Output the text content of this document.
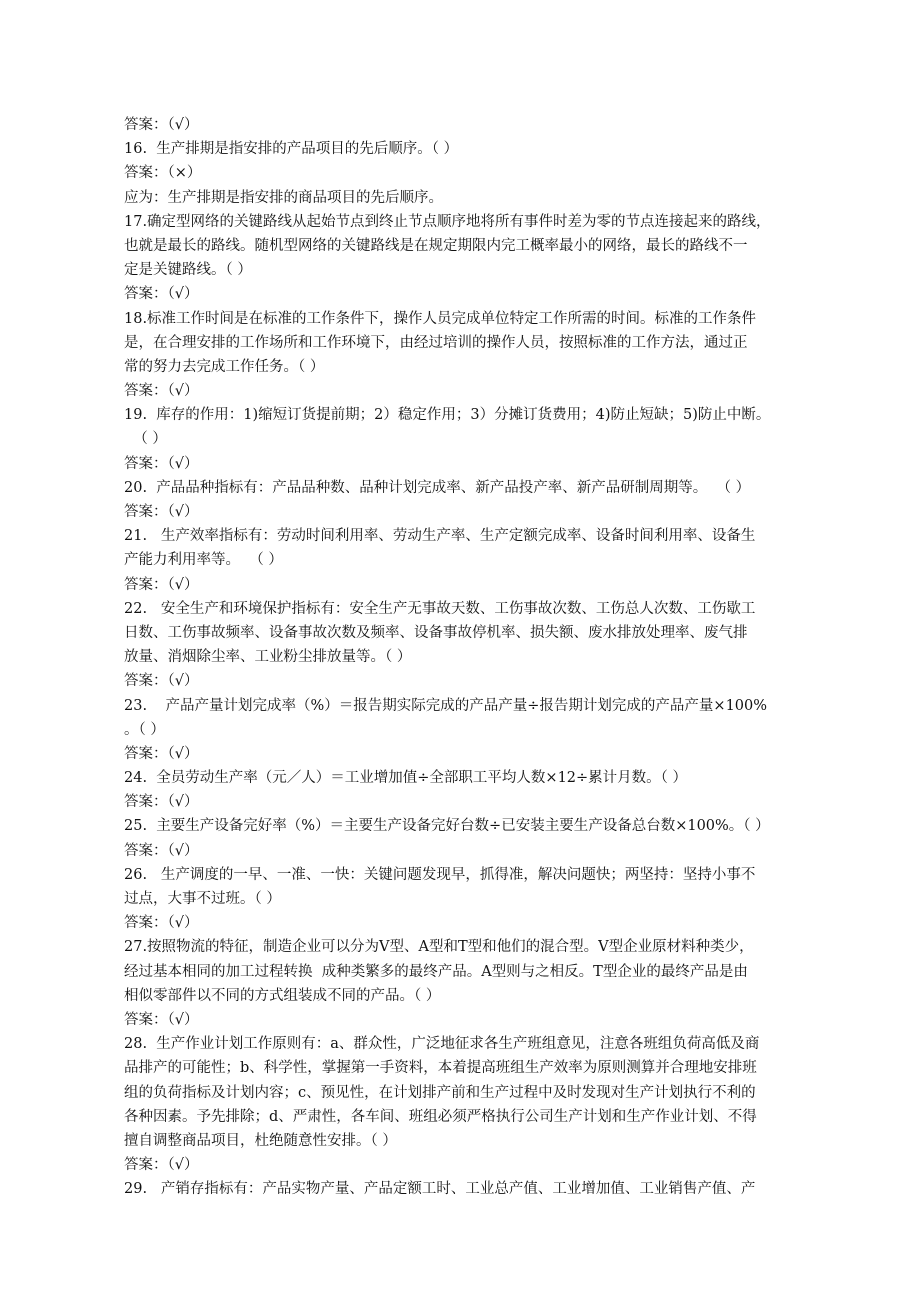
答案：（√）
16.  生产排期是指安排的产品项目的先后顺序。（ ）
答案：（×）
应为：生产排期是指安排的商品项目的先后顺序。
17.确定型网络的关键路线从起始节点到终止节点顺序地将所有事件时差为零的节点连接起来的路线，
也就是最长的路线。随机型网络的关键路线是在规定期限内完工概率最小的网络，最长的路线不一
定是关键路线。（ ）
答案：（√）
18.标准工作时间是在标准的工作条件下，操作人员完成单位特定工作所需的时间。标准的工作条件
是，在合理安排的工作场所和工作环境下，由经过培训的操作人员，按照标准的工作方法，通过正
常的努力去完成工作任务。（ ）
答案：（√）
19.  库存的作用：1)缩短订货提前期；2）稳定作用；3）分摊订货费用；4)防止短缺；5)防止中断。
（ ）
答案：（√）
20.  产品品种指标有：产品品种数、品种计划完成率、新产品投产率、新产品研制周期等。  （ ）
答案：（√）
21.   生产效率指标有：劳动时间利用率、劳动生产率、生产定额完成率、设备时间利用率、设备生
产能力利用率等。  （ ）
答案：（√）
22.   安全生产和环境保护指标有：安全生产无事故天数、工伤事故次数、工伤总人次数、工伤歇工
日数、工伤事故频率、设备事故次数及频率、设备事故停机率、损失额、废水排放处理率、废气排
放量、消烟除尘率、工业粉尘排放量等。（ ）
答案：（√）
23.    产品产量计划完成率（%）＝报告期实际完成的产品产量÷报告期计划完成的产品产量×100%
。（ ）
答案：（√）
24.  全员劳动生产率（元／人）＝工业增加值÷全部职工平均人数×12÷累计月数。（ ）
答案：（√）
25.  主要生产设备完好率（%）＝主要生产设备完好台数÷已安装主要生产设备总台数×100%。（ ）
答案：（√）
26.   生产调度的一早、一准、一快：关键问题发现早，抓得准，解决问题快；两坚持：坚持小事不
过点，大事不过班。（ ）
答案：（√）
27.按照物流的特征，制造企业可以分为V型、A型和T型和他们的混合型。V型企业原材料种类少，
经过基本相同的加工过程转换  成种类繁多的最终产品。A型则与之相反。T型企业的最终产品是由
相似零部件以不同的方式组装成不同的产品。（ ）
答案：（√）
28.  生产作业计划工作原则有：a、群众性，广泛地征求各生产班组意见，注意各班组负荷高低及商
品排产的可能性；b、科学性，掌握第一手资料，本着提高班组生产效率为原则测算并合理地安排班
组的负荷指标及计划内容；c、预见性，在计划排产前和生产过程中及时发现对生产计划执行不利的
各种因素。予先排除；d、严肃性，各车间、班组必须严格执行公司生产计划和生产作业计划、不得
擅自调整商品项目，杜绝随意性安排。（ ）
答案：（√）
29.   产销存指标有：产品实物产量、产品定额工时、工业总产值、工业增加值、工业销售产值、产
